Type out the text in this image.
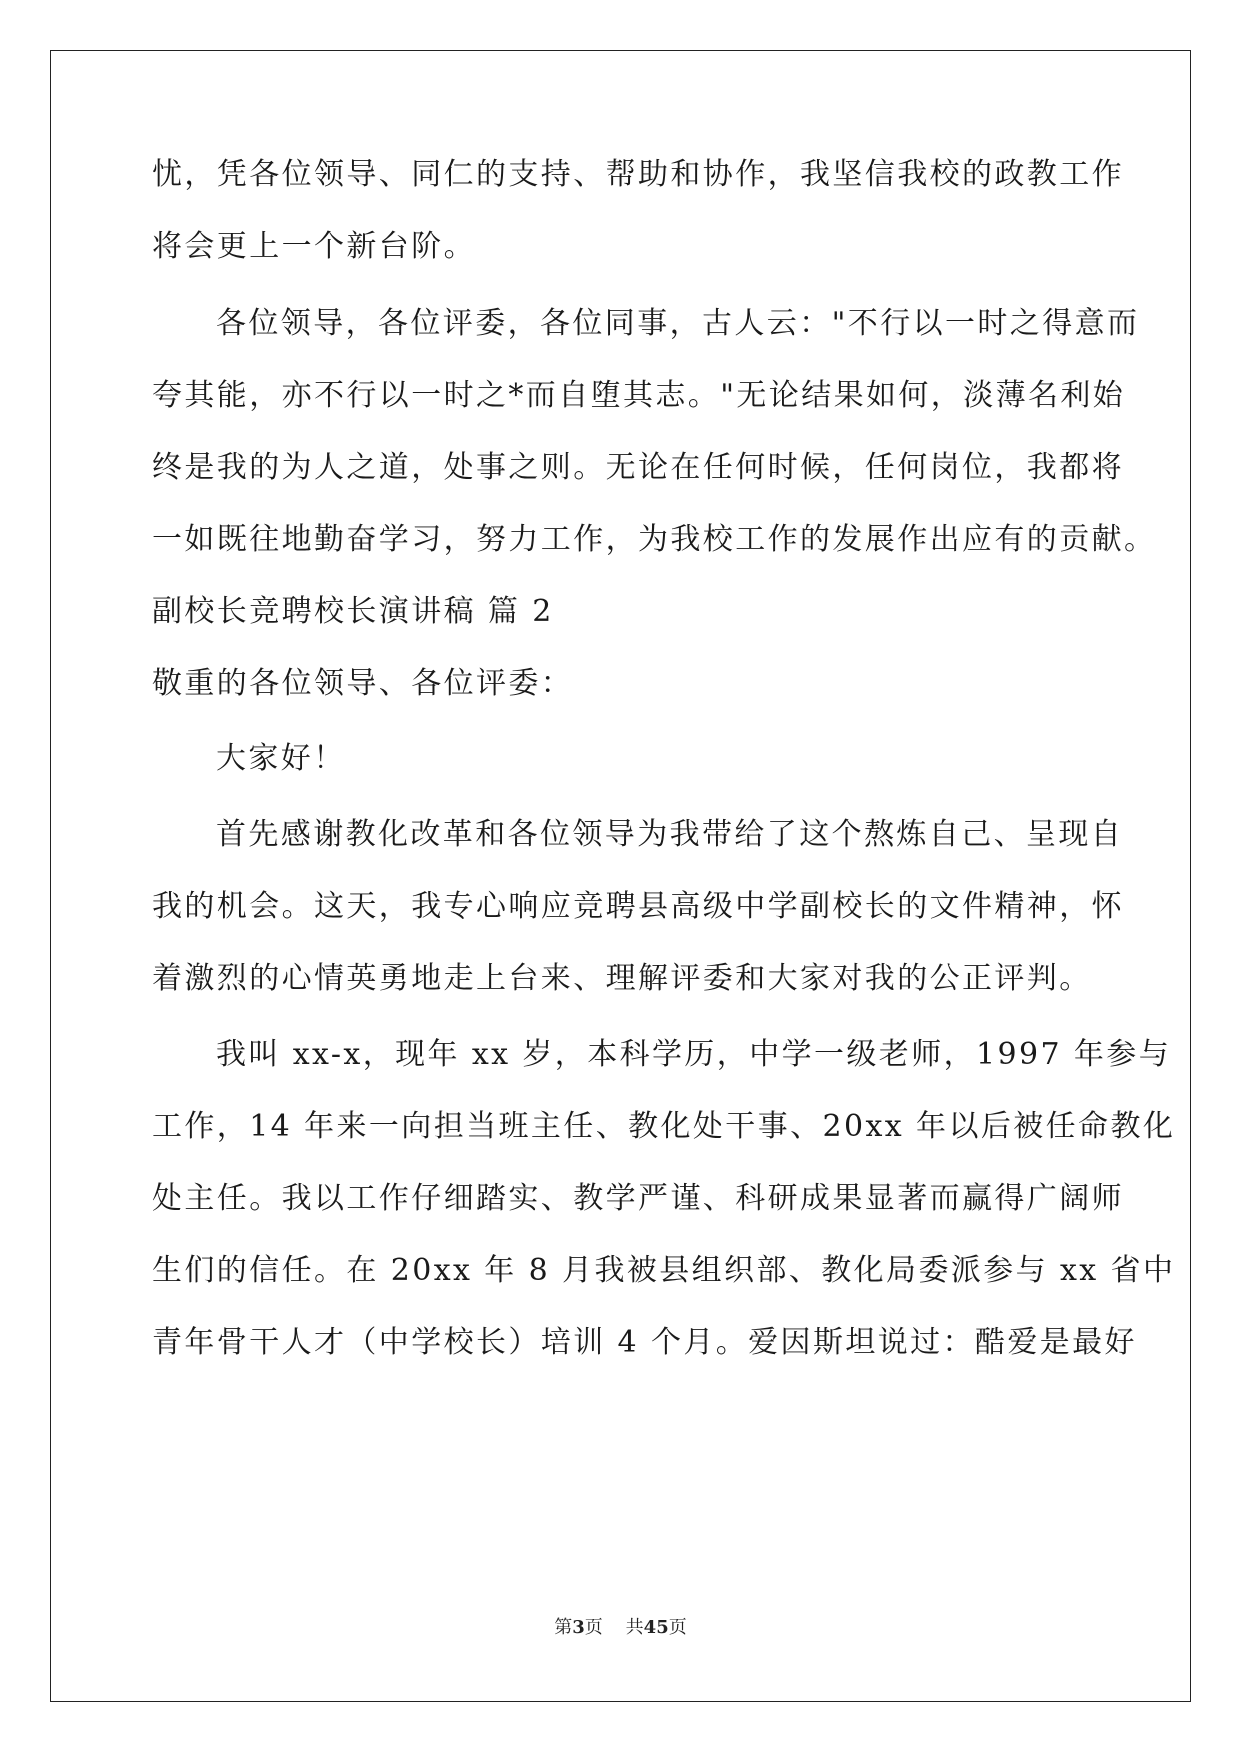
忧，凭各位领导、同仁的支持、帮助和协作，我坚信我校的政教工作
将会更上一个新台阶。
各位领导，各位评委，各位同事，古人云："不行以一时之得意而
夸其能，亦不行以一时之*而自堕其志。"无论结果如何，淡薄名利始
终是我的为人之道，处事之则。无论在任何时候，任何岗位，我都将
一如既往地勤奋学习，努力工作，为我校工作的发展作出应有的贡献。
副校长竞聘校长演讲稿 篇 2
敬重的各位领导、各位评委：
大家好！
首先感谢教化改革和各位领导为我带给了这个熬炼自己、呈现自
我的机会。这天，我专心响应竞聘县高级中学副校长的文件精神，怀
着激烈的心情英勇地走上台来、理解评委和大家对我的公正评判。
我叫 xx-x，现年 xx 岁，本科学历，中学一级老师，1997 年参与
工作，14 年来一向担当班主任、教化处干事、20xx 年以后被任命教化
处主任。我以工作仔细踏实、教学严谨、科研成果显著而赢得广阔师
生们的信任。在 20xx 年 8 月我被县组织部、教化局委派参与 xx 省中
青年骨干人才（中学校长）培训 4 个月。爱因斯坦说过：酷爱是最好
第3页 共45页
